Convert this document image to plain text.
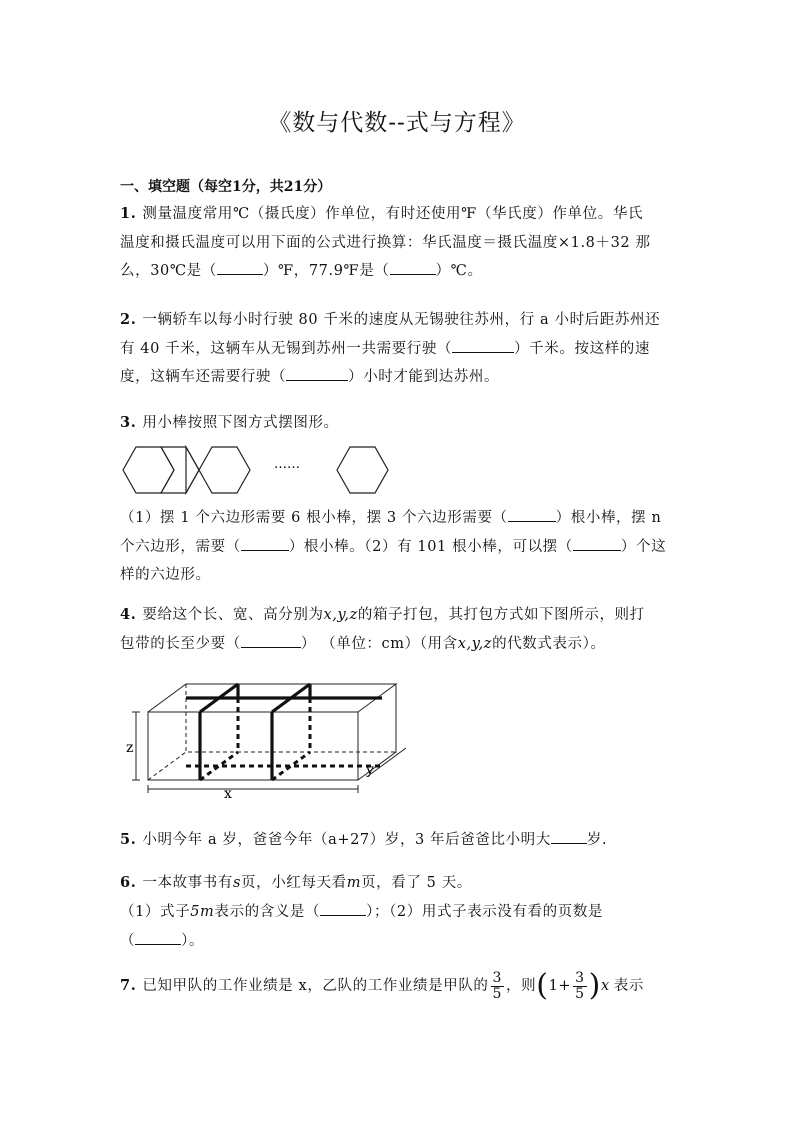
《数与代数--式与方程》
一、填空题（每空1分，共21分）
1. 测量温度常用℃（摄氏度）作单位，有时还使用℉（华氏度）作单位。华氏
温度和摄氏温度可以用下面的公式进行换算：华氏温度＝摄氏温度×1.8＋32 那
么，30℃是（	）℉，77.9℉是（	）℃。
2. 一辆轿车以每小时行驶 80 千米的速度从无锡驶往苏州，行 a 小时后距苏州还
有 40 千米，这辆车从无锡到苏州一共需要行驶（	）千米。按这样的速
度，这辆车还需要行驶（	）小时才能到达苏州。
3. 用小棒按照下图方式摆图形。
……
（1）摆 1 个六边形需要 6 根小棒，摆 3 个六边形需要（	）根小棒，摆 n
个六边形，需要（	）根小棒。（2）有 101 根小棒，可以摆（	）个这
样的六边形。
4. 要给这个长、宽、高分别为x,y,z的箱子打包，其打包方式如下图所示，则打
包带的长至少要（	） （单位：cm）（用含x,y,z的代数式表示）。
z
x
y
5. 小明今年 a 岁，爸爸今年（a+27）岁，3 年后爸爸比小明大 岁.
6. 一本故事书有s页，小红每天看m页，看了 5 天。
（1）式子5m表示的含义是（	）；（2）用式子表示没有看的页数是
（	）。
7. 已知甲队的工作业绩是 x，乙队的工作业绩是甲队的 $\frac{3}{5}$ ，则 ( $1+ \frac{3}{5}$ ) x 表示
